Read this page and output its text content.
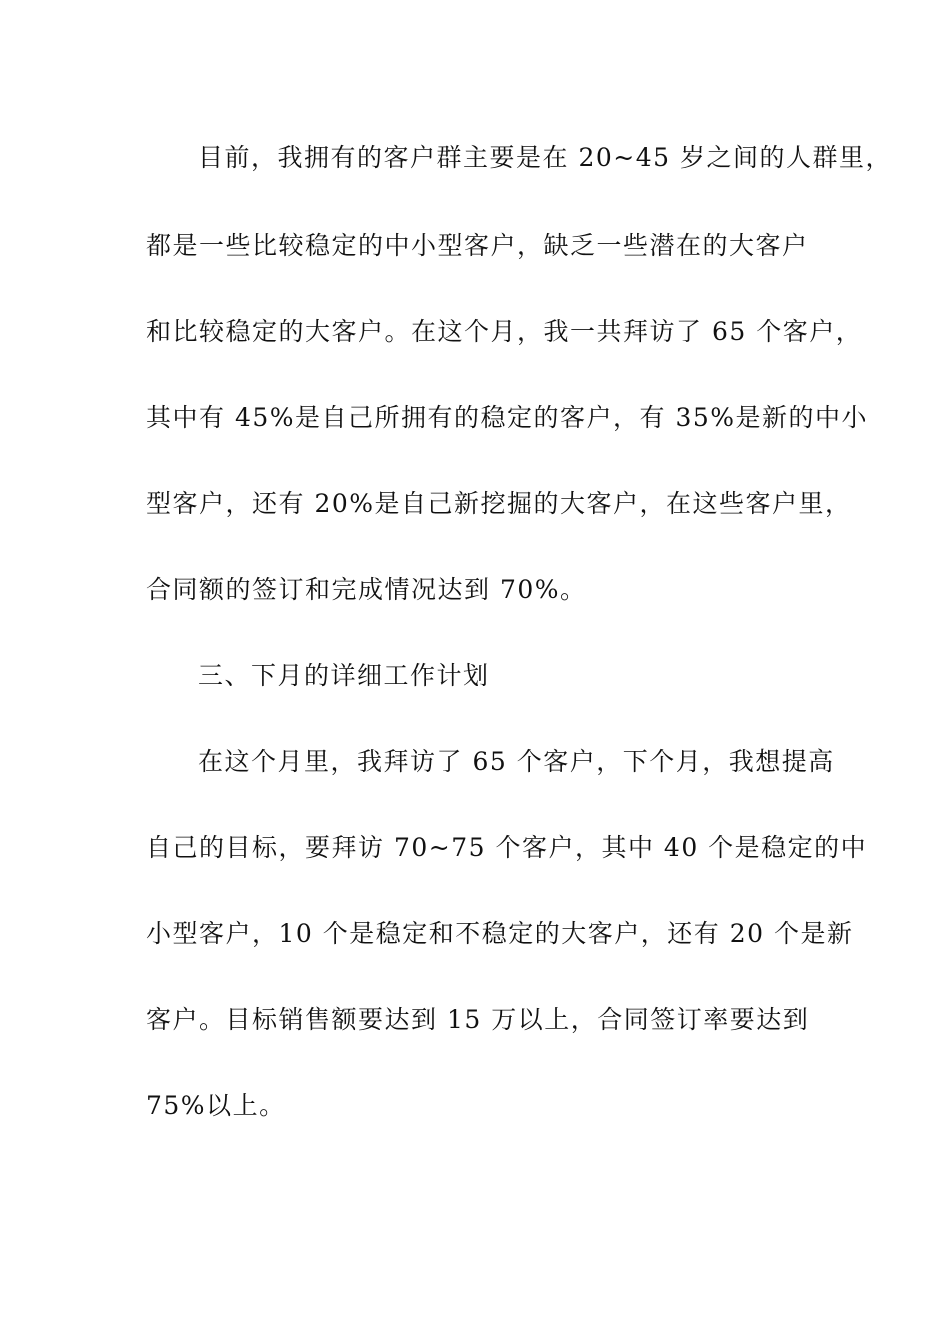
目前，我拥有的客户群主要是在 20~45 岁之间的人群里，
都是一些比较稳定的中小型客户，缺乏一些潜在的大客户
和比较稳定的大客户。在这个月，我一共拜访了 65 个客户，
其中有 45%是自己所拥有的稳定的客户，有 35%是新的中小
型客户，还有 20%是自己新挖掘的大客户，在这些客户里，
合同额的签订和完成情况达到 70%。
三、下月的详细工作计划
在这个月里，我拜访了 65 个客户，下个月，我想提高
自己的目标，要拜访 70~75 个客户，其中 40 个是稳定的中
小型客户，10 个是稳定和不稳定的大客户，还有 20 个是新
客户。目标销售额要达到 15 万以上，合同签订率要达到
75%以上。
